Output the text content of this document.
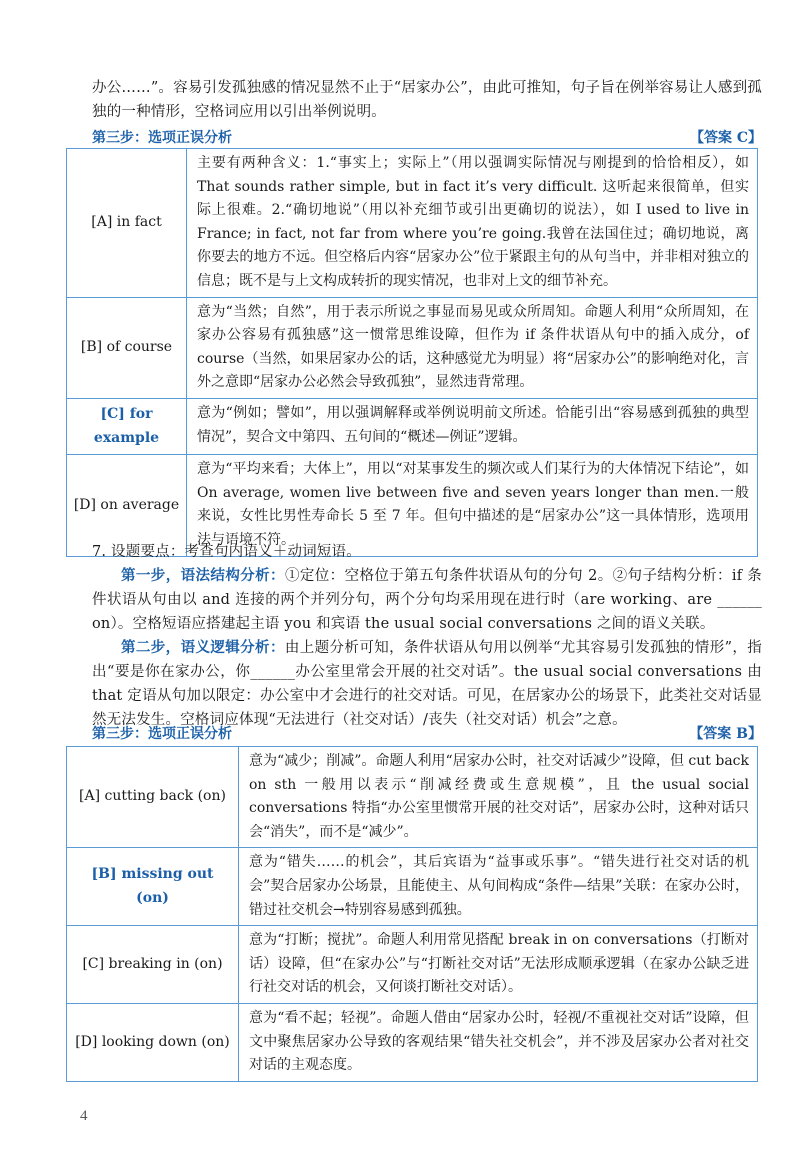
办公……”。容易引发孤独感的情况显然不止于“居家办公”，由此可推知，句子旨在例举容易让人感到孤独的一种情形，空格词应用以引出举例说明。
第三步：选项正误分析	【答案 C】
[A] in fact
主要有两种含义：1.“事实上；实际上”（用以强调实际情况与刚提到的恰恰相反），如 That sounds rather simple, but in fact it’s very difficult. 这听起来很简单，但实际上很难。2.“确切地说”（用以补充细节或引出更确切的说法），如 I used to live in France; in fact, not far from where you’re going.我曾在法国住过；确切地说，离你要去的地方不远。但空格后内容“居家办公”位于紧跟主句的从句当中，并非相对独立的信息；既不是与上文构成转折的现实情况，也非对上文的细节补充。
[B] of course
意为“当然；自然”，用于表示所说之事显而易见或众所周知。命题人利用“众所周知，在家办公容易有孤独感”这一惯常思维设障，但作为 if 条件状语从句中的插入成分，of course（当然，如果居家办公的话，这种感觉尤为明显）将“居家办公”的影响绝对化，言外之意即“居家办公必然会导致孤独”，显然违背常理。
[C] for example
意为“例如；譬如”，用以强调解释或举例说明前文所述。恰能引出“容易感到孤独的典型情况”，契合文中第四、五句间的“概述—例证”逻辑。
[D] on average
意为“平均来看；大体上”，用以“对某事发生的频次或人们某行为的大体情况下结论”，如 On average, women live between five and seven years longer than men.一般来说，女性比男性寿命长 5 至 7 年。但句中描述的是“居家办公”这一具体情形，选项用法与语境不符。
7. 设题要点：考查句内语义＋动词短语。
第一步，语法结构分析：①定位：空格位于第五句条件状语从句的分句 2。②句子结构分析：if 条件状语从句由以 and 连接的两个并列分句，两个分句均采用现在进行时（are working、are ______ on）。空格短语应搭建起主语 you 和宾语 the usual social conversations 之间的语义关联。
第二步，语义逻辑分析：由上题分析可知，条件状语从句用以例举“尤其容易引发孤独的情形”，指出“要是你在家办公，你______办公室里常会开展的社交对话”。the usual social conversations 由 that 定语从句加以限定：办公室中才会进行的社交对话。可见，在居家办公的场景下，此类社交对话显然无法发生。空格词应体现“无法进行（社交对话）/丧失（社交对话）机会”之意。
第三步：选项正误分析	【答案 B】
[A] cutting back (on)
意为“减少；削减”。命题人利用“居家办公时，社交对话减少”设障，但 cut back on sth 一般用以表示“削减经费或生意规模”，且 the usual social conversations 特指“办公室里惯常开展的社交对话”，居家办公时，这种对话只会“消失”，而不是“减少”。
[B] missing out (on)
意为“错失……的机会”，其后宾语为“益事或乐事”。“错失进行社交对话的机会”契合居家办公场景，且能使主、从句间构成“条件—结果”关联：在家办公时，错过社交机会→特别容易感到孤独。
[C] breaking in (on)
意为“打断；搅扰”。命题人利用常见搭配 break in on conversations（打断对话）设障，但“在家办公”与“打断社交对话”无法形成顺承逻辑（在家办公缺乏进行社交对话的机会，又何谈打断社交对话）。
[D] looking down (on)
意为“看不起；轻视”。命题人借由“居家办公时，轻视/不重视社交对话”设障，但文中聚焦居家办公导致的客观结果“错失社交机会”，并不涉及居家办公者对社交对话的主观态度。
4
